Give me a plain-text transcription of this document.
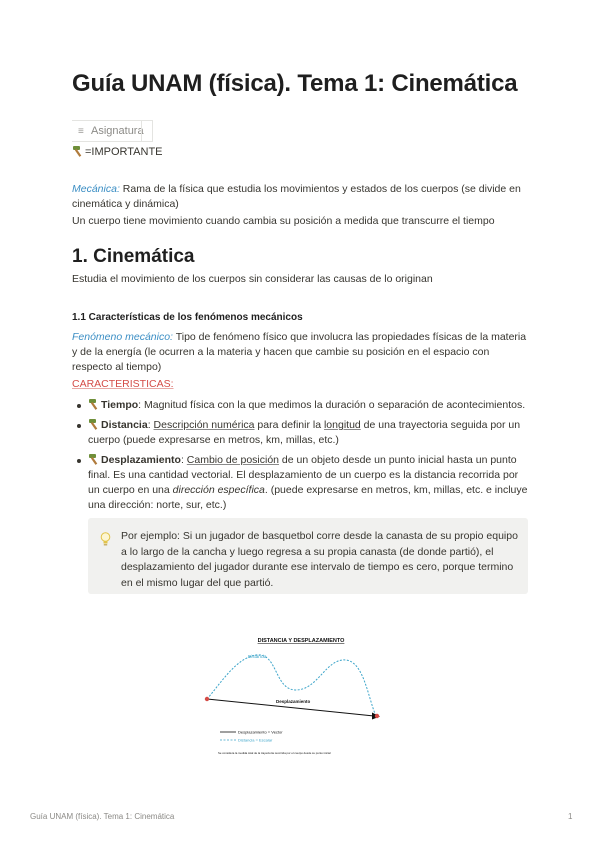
Guía UNAM (física). Tema 1: Cinemática
≡ Asignatura
=IMPORTANTE

Mecánica: Rama de la física que estudia los movimientos y estados de los cuerpos (se divide en cinemática y dinámica)

Un cuerpo tiene movimiento cuando cambia su posición a medida que transcurre el tiempo

1. Cinemática

Estudia el movimiento de los cuerpos sin considerar las causas de lo originan

1.1 Características de los fenómenos mecánicos

Fenómeno mecánico: Tipo de fenómeno físico que involucra las propiedades físicas de la materia y de la energía (le ocurren a la materia y hacen que cambie su posición en el espacio con respecto al tiempo)

CARACTERISTICAS:

Tiempo: Magnitud física con la que medimos la duración o separación de acontecimientos.
Distancia: Descripción numérica para definir la longitud de una trayectoria seguida por un cuerpo (puede expresarse en metros, km, millas, etc.)
Desplazamiento: Cambio de posición de un objeto desde un punto inicial hasta un punto final. Es una cantidad vectorial. El desplazamiento de un cuerpo es la distancia recorrida por un cuerpo en una dirección específica. (puede expresarse en metros, km, millas, etc. e incluye una dirección: norte, sur, etc.)
Por ejemplo: Si un jugador de basquetbol corre desde la canasta de su propio equipo a lo largo de la cancha y luego regresa a su propia canasta (de donde partió), el desplazamiento del jugador durante ese intervalo de tiempo es cero, porque termino en el mismo lugar del que partió.
DISTANCIA Y DESPLAZAMIENTO
Distancia
Desplazamiento
Desplazamiento = Vector
Distancia = Escalar
Se considera la medida total de la trayectoria recorrida por el cuerpo desde su punto inicial
Guía UNAM (física). Tema 1: Cinemática	1
